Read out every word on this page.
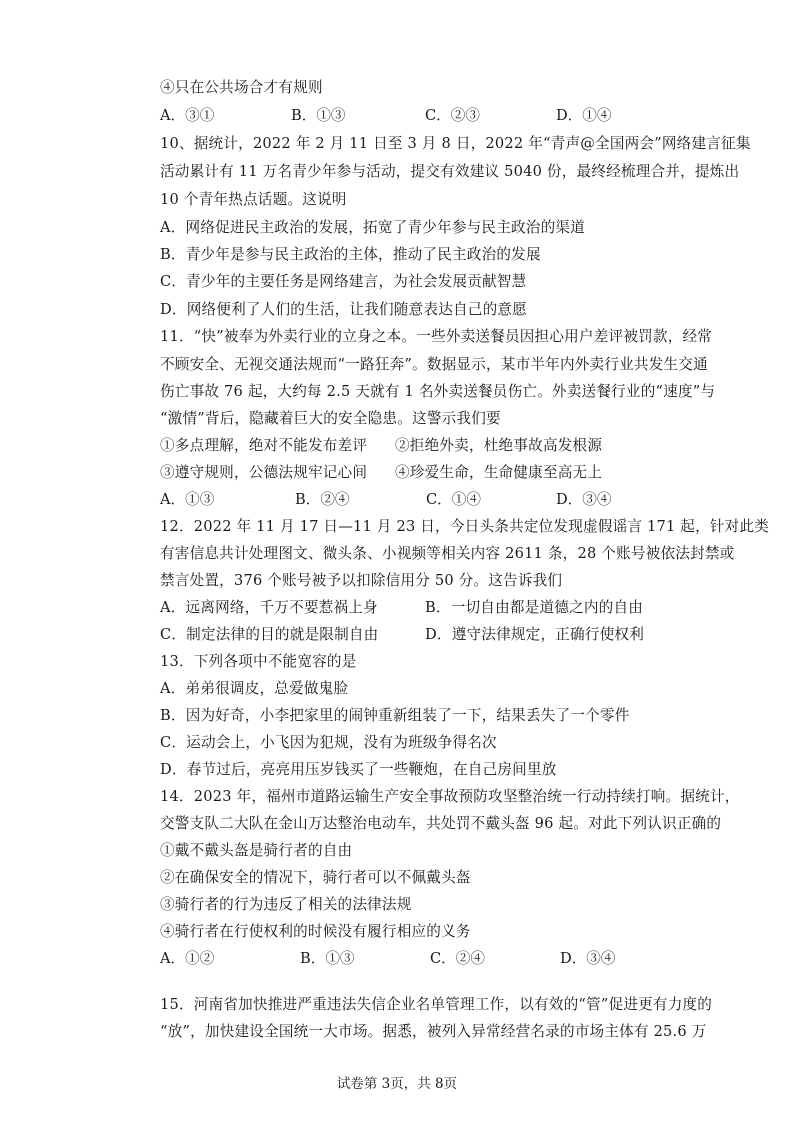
④只在公共场合才有规则
A．③①	B．①③	C．②③	D．①④
10、据统计，2022 年 2 月 11 日至 3 月 8 日，2022 年“青声@全国两会”网络建言征集
活动累计有 11 万名青少年参与活动，提交有效建议 5040 份，最终经梳理合并，提炼出
10 个青年热点话题。这说明
A．网络促进民主政治的发展，拓宽了青少年参与民主政治的渠道
B．青少年是参与民主政治的主体，推动了民主政治的发展
C．青少年的主要任务是网络建言，为社会发展贡献智慧
D．网络便利了人们的生活，让我们随意表达自己的意愿
11．“快”被奉为外卖行业的立身之本。一些外卖送餐员因担心用户差评被罚款，经常
不顾安全、无视交通法规而“一路狂奔”。数据显示，某市半年内外卖行业共发生交通
伤亡事故 76 起，大约每 2.5 天就有 1 名外卖送餐员伤亡。外卖送餐行业的“速度”与
“激情”背后，隐藏着巨大的安全隐患。这警示我们要
①多点理解，绝对不能发布差评 ②拒绝外卖，杜绝事故高发根源
③遵守规则，公德法规牢记心间 ④珍爱生命，生命健康至高无上
A．①③	B．②④	C．①④	D．③④
12．2022 年 11 月 17 日—11 月 23 日，今日头条共定位发现虚假谣言 171 起，针对此类
有害信息共计处理图文、微头条、小视频等相关内容 2611 条，28 个账号被依法封禁或
禁言处置，376 个账号被予以扣除信用分 50 分。这告诉我们
A．远离网络，千万不要惹祸上身	B．一切自由都是道德之内的自由
C．制定法律的目的就是限制自由	D．遵守法律规定，正确行使权利
13．下列各项中不能宽容的是
A．弟弟很调皮，总爱做鬼脸
B．因为好奇，小李把家里的闹钟重新组装了一下，结果丢失了一个零件
C．运动会上，小飞因为犯规，没有为班级争得名次
D．春节过后，亮亮用压岁钱买了一些鞭炮，在自己房间里放
14．2023 年，福州市道路运输生产安全事故预防攻坚整治统一行动持续打响。据统计，
交警支队二大队在金山万达整治电动车，共处罚不戴头盔 96 起。对此下列认识正确的
①戴不戴头盔是骑行者的自由
②在确保安全的情况下，骑行者可以不佩戴头盔
③骑行者的行为违反了相关的法律法规
④骑行者在行使权利的时候没有履行相应的义务
A．①②	B．①③	C．②④	D．③④
15．河南省加快推进严重违法失信企业名单管理工作，以有效的“管”促进更有力度的
“放”，加快建设全国统一大市场。据悉，被列入异常经营名录的市场主体有 25.6 万
试卷第 3页，共 8页
